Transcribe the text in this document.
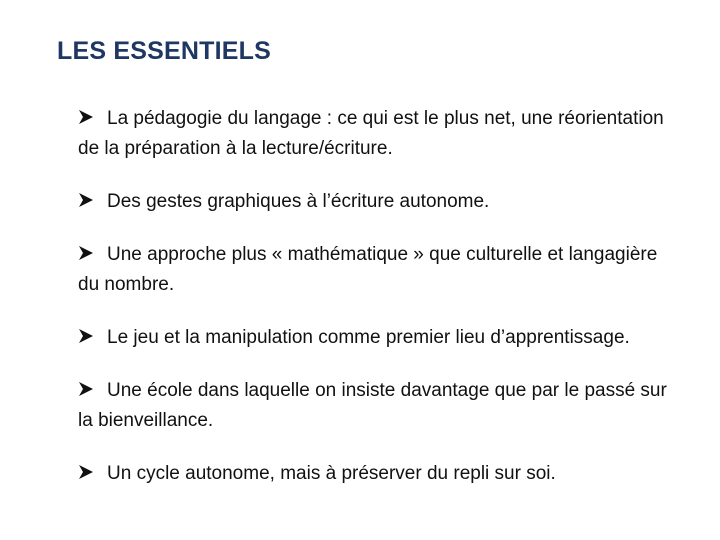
LES ESSENTIELS
La pédagogie du langage : ce qui est le plus net, une réorientation de la préparation à la lecture/écriture.
Des gestes graphiques à l’écriture autonome.
Une approche plus « mathématique » que culturelle et langagière du nombre.
Le jeu et la manipulation comme premier lieu d’apprentissage.
Une école dans laquelle on insiste davantage que par le passé sur la bienveillance.
Un cycle autonome, mais à préserver du repli sur soi.
